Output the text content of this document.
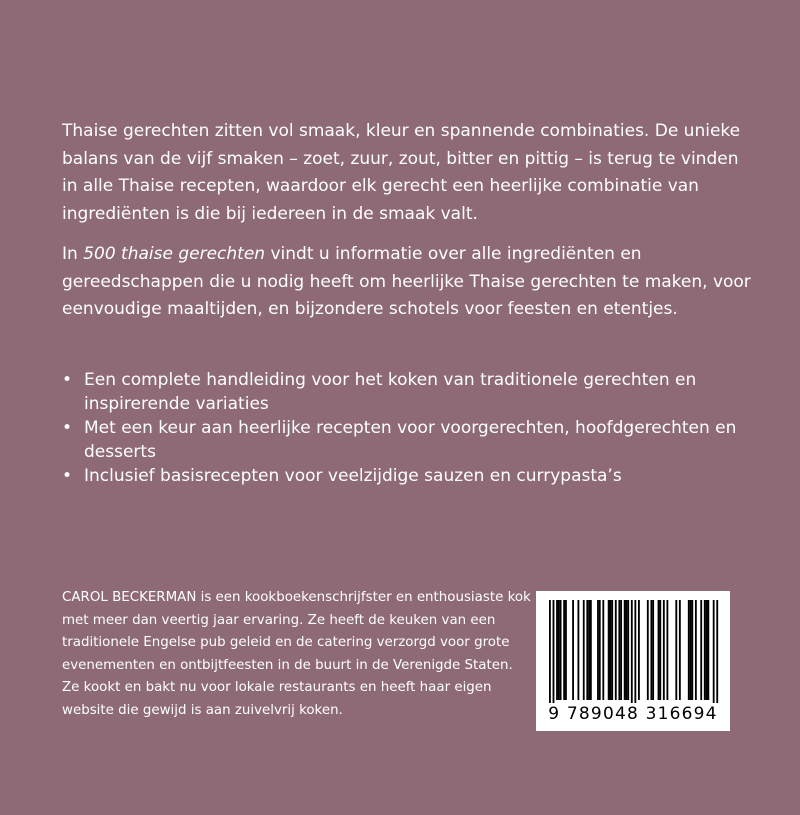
Thaise gerechten zitten vol smaak, kleur en spannende combinaties. De unieke balans van de vijf smaken – zoet, zuur, zout, bitter en pittig – is terug te vinden in alle Thaise recepten, waardoor elk gerecht een heerlijke combinatie van ingrediënten is die bij iedereen in de smaak valt.

In 500 thaise gerechten vindt u informatie over alle ingrediënten en gereedschappen die u nodig heeft om heerlijke Thaise gerechten te maken, voor eenvoudige maaltijden, en bijzondere schotels voor feesten en etentjes.

• Een complete handleiding voor het koken van traditionele gerechten en inspirerende variaties
• Met een keur aan heerlijke recepten voor voorgerechten, hoofdgerechten en desserts
• Inclusief basisrecepten voor veelzijdige sauzen en currypasta’s

CAROL BECKERMAN is een kookboekenschrijfster en enthousiaste kok met meer dan veertig jaar ervaring. Ze heeft de keuken van een traditionele Engelse pub geleid en de catering verzorgd voor grote evenementen en ontbijtfeesten in de buurt in de Verenigde Staten. Ze kookt en bakt nu voor lokale restaurants en heeft haar eigen website die gewijd is aan zuivelvrij koken.	9 789048 316694
